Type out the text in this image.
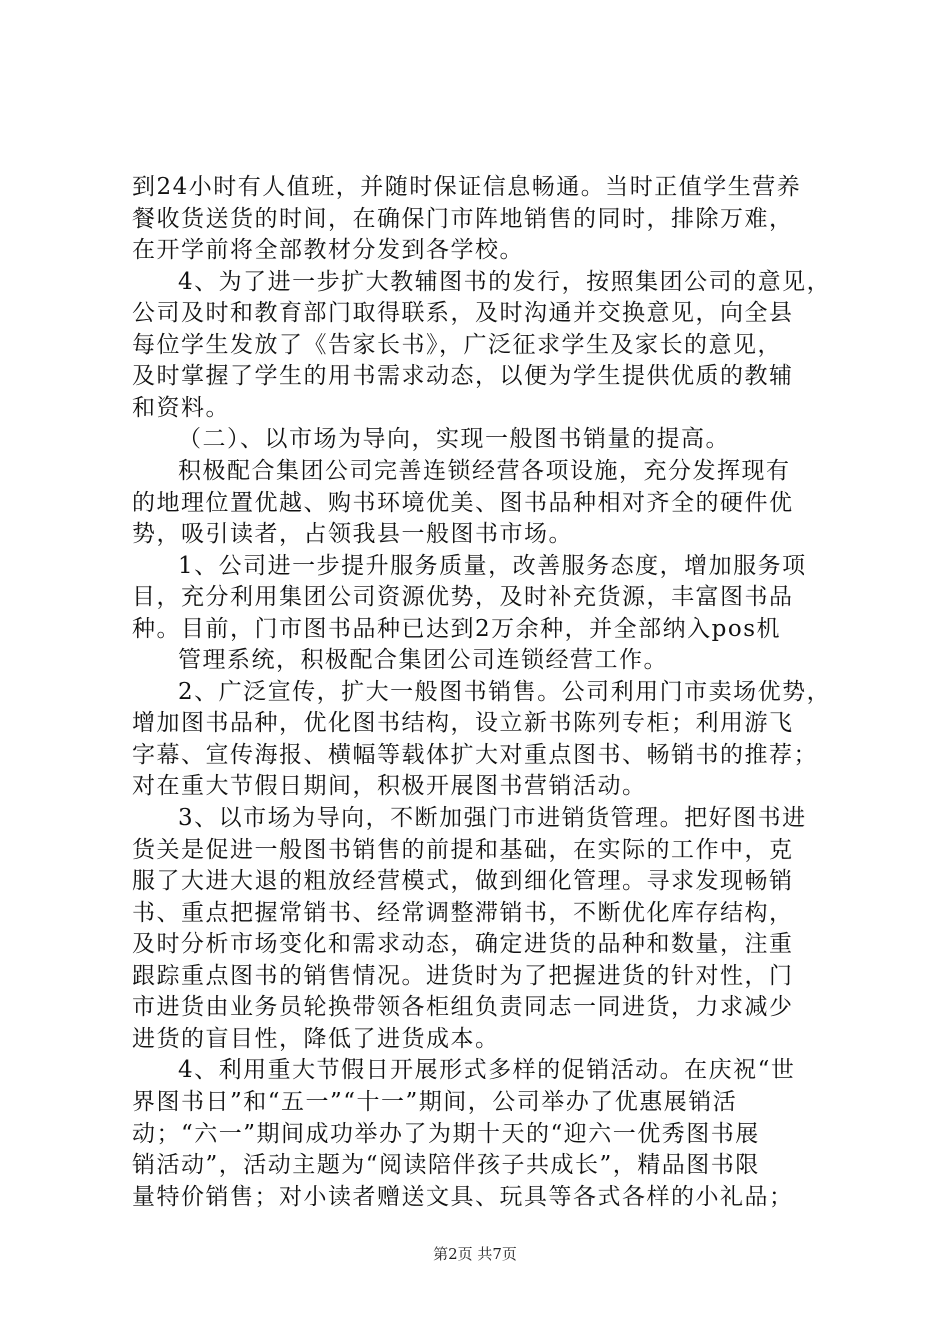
到24小时有人值班，并随时保证信息畅通。当时正值学生营养
餐收货送货的时间，在确保门市阵地销售的同时，排除万难，
在开学前将全部教材分发到各学校。
4、为了进一步扩大教辅图书的发行，按照集团公司的意见，
公司及时和教育部门取得联系，及时沟通并交换意见，向全县
每位学生发放了《告家长书》，广泛征求学生及家长的意见，
及时掌握了学生的用书需求动态，以便为学生提供优质的教辅
和资料。
（二）、以市场为导向，实现一般图书销量的提高。
积极配合集团公司完善连锁经营各项设施，充分发挥现有
的地理位置优越、购书环境优美、图书品种相对齐全的硬件优
势，吸引读者，占领我县一般图书市场。
1、公司进一步提升服务质量，改善服务态度，增加服务项
目，充分利用集团公司资源优势，及时补充货源，丰富图书品
种。目前，门市图书品种已达到2万余种，并全部纳入pos机
管理系统，积极配合集团公司连锁经营工作。
2、广泛宣传，扩大一般图书销售。公司利用门市卖场优势，
增加图书品种，优化图书结构，设立新书陈列专柜；利用游飞
字幕、宣传海报、横幅等载体扩大对重点图书、畅销书的推荐；
对在重大节假日期间，积极开展图书营销活动。
3、以市场为导向，不断加强门市进销货管理。把好图书进
货关是促进一般图书销售的前提和基础，在实际的工作中，克
服了大进大退的粗放经营模式，做到细化管理。寻求发现畅销
书、重点把握常销书、经常调整滞销书，不断优化库存结构，
及时分析市场变化和需求动态，确定进货的品种和数量，注重
跟踪重点图书的销售情况。进货时为了把握进货的针对性，门
市进货由业务员轮换带领各柜组负责同志一同进货，力求减少
进货的盲目性，降低了进货成本。
4、利用重大节假日开展形式多样的促销活动。在庆祝“世
界图书日”和“五一”“十一”期间，公司举办了优惠展销活
动；“六一”期间成功举办了为期十天的“迎六一优秀图书展
销活动”，活动主题为“阅读陪伴孩子共成长”，精品图书限
量特价销售；对小读者赠送文具、玩具等各式各样的小礼品；
第2页 共7页
